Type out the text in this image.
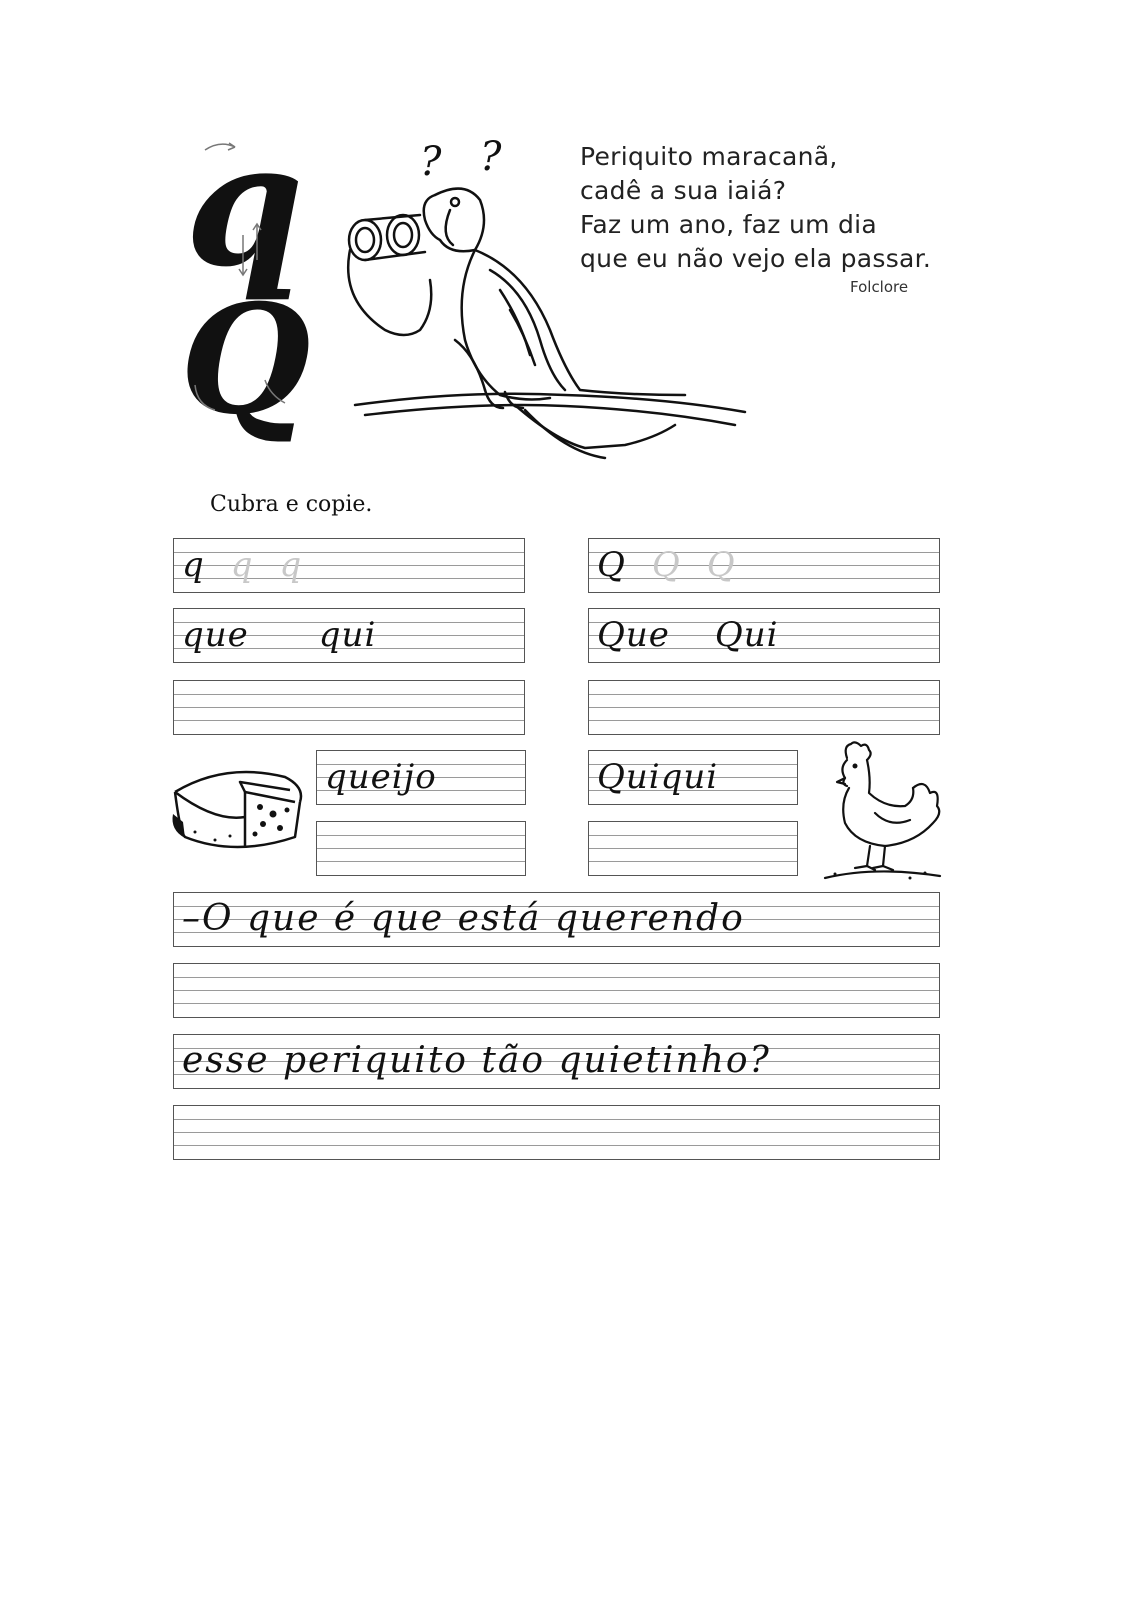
q
Q
? ?	Periquito maracanã,
cadê a sua iaiá?
Faz um ano, faz um dia
que eu não vejo ela passar.
Folclore
Cubra e copie.
q q q	Q Q Q
que qui	Que Qui
queijo	Quiqui
–O que é que está querendo
esse periquito tão quietinho?
